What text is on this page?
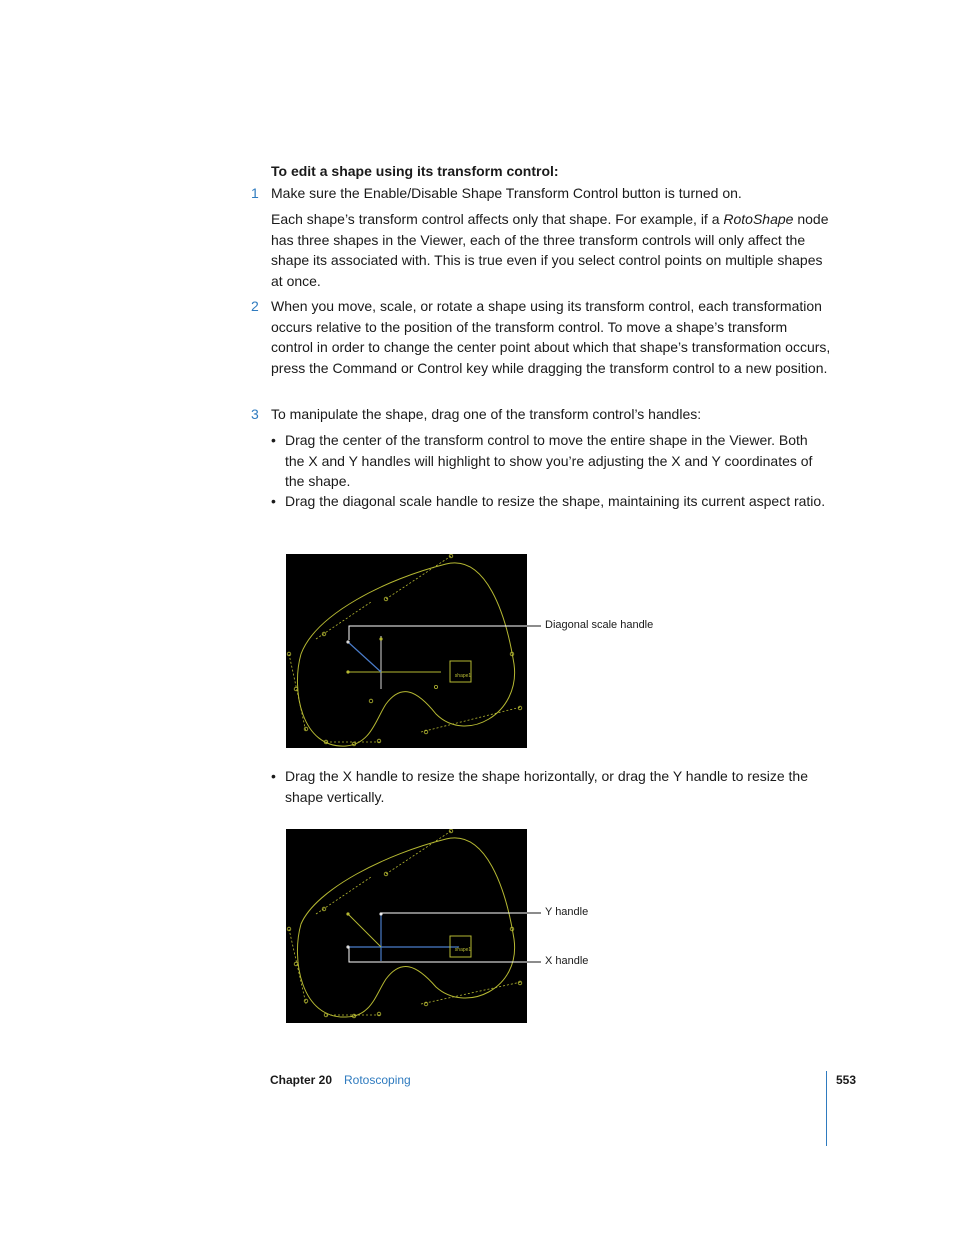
To edit a shape using its transform control:
1 Make sure the Enable/Disable Shape Transform Control button is turned on.
Each shape’s transform control affects only that shape. For example, if a RotoShape node has three shapes in the Viewer, each of the three transform controls will only affect the shape its associated with. This is true even if you select control points on multiple shapes at once.
2 When you move, scale, or rotate a shape using its transform control, each transformation occurs relative to the position of the transform control. To move a shape’s transform control in order to change the center point about which that shape’s transformation occurs, press the Command or Control key while dragging the transform control to a new position.
3 To manipulate the shape, drag one of the transform control’s handles:
• Drag the center of the transform control to move the entire shape in the Viewer. Both the X and Y handles will highlight to show you’re adjusting the X and Y coordinates of the shape.
• Drag the diagonal scale handle to resize the shape, maintaining its current aspect ratio.
shape1
Diagonal scale handle
• Drag the X handle to resize the shape horizontally, or drag the Y handle to resize the shape vertically.
shape1
Y handle
X handle
Chapter 20 Rotoscoping	553
